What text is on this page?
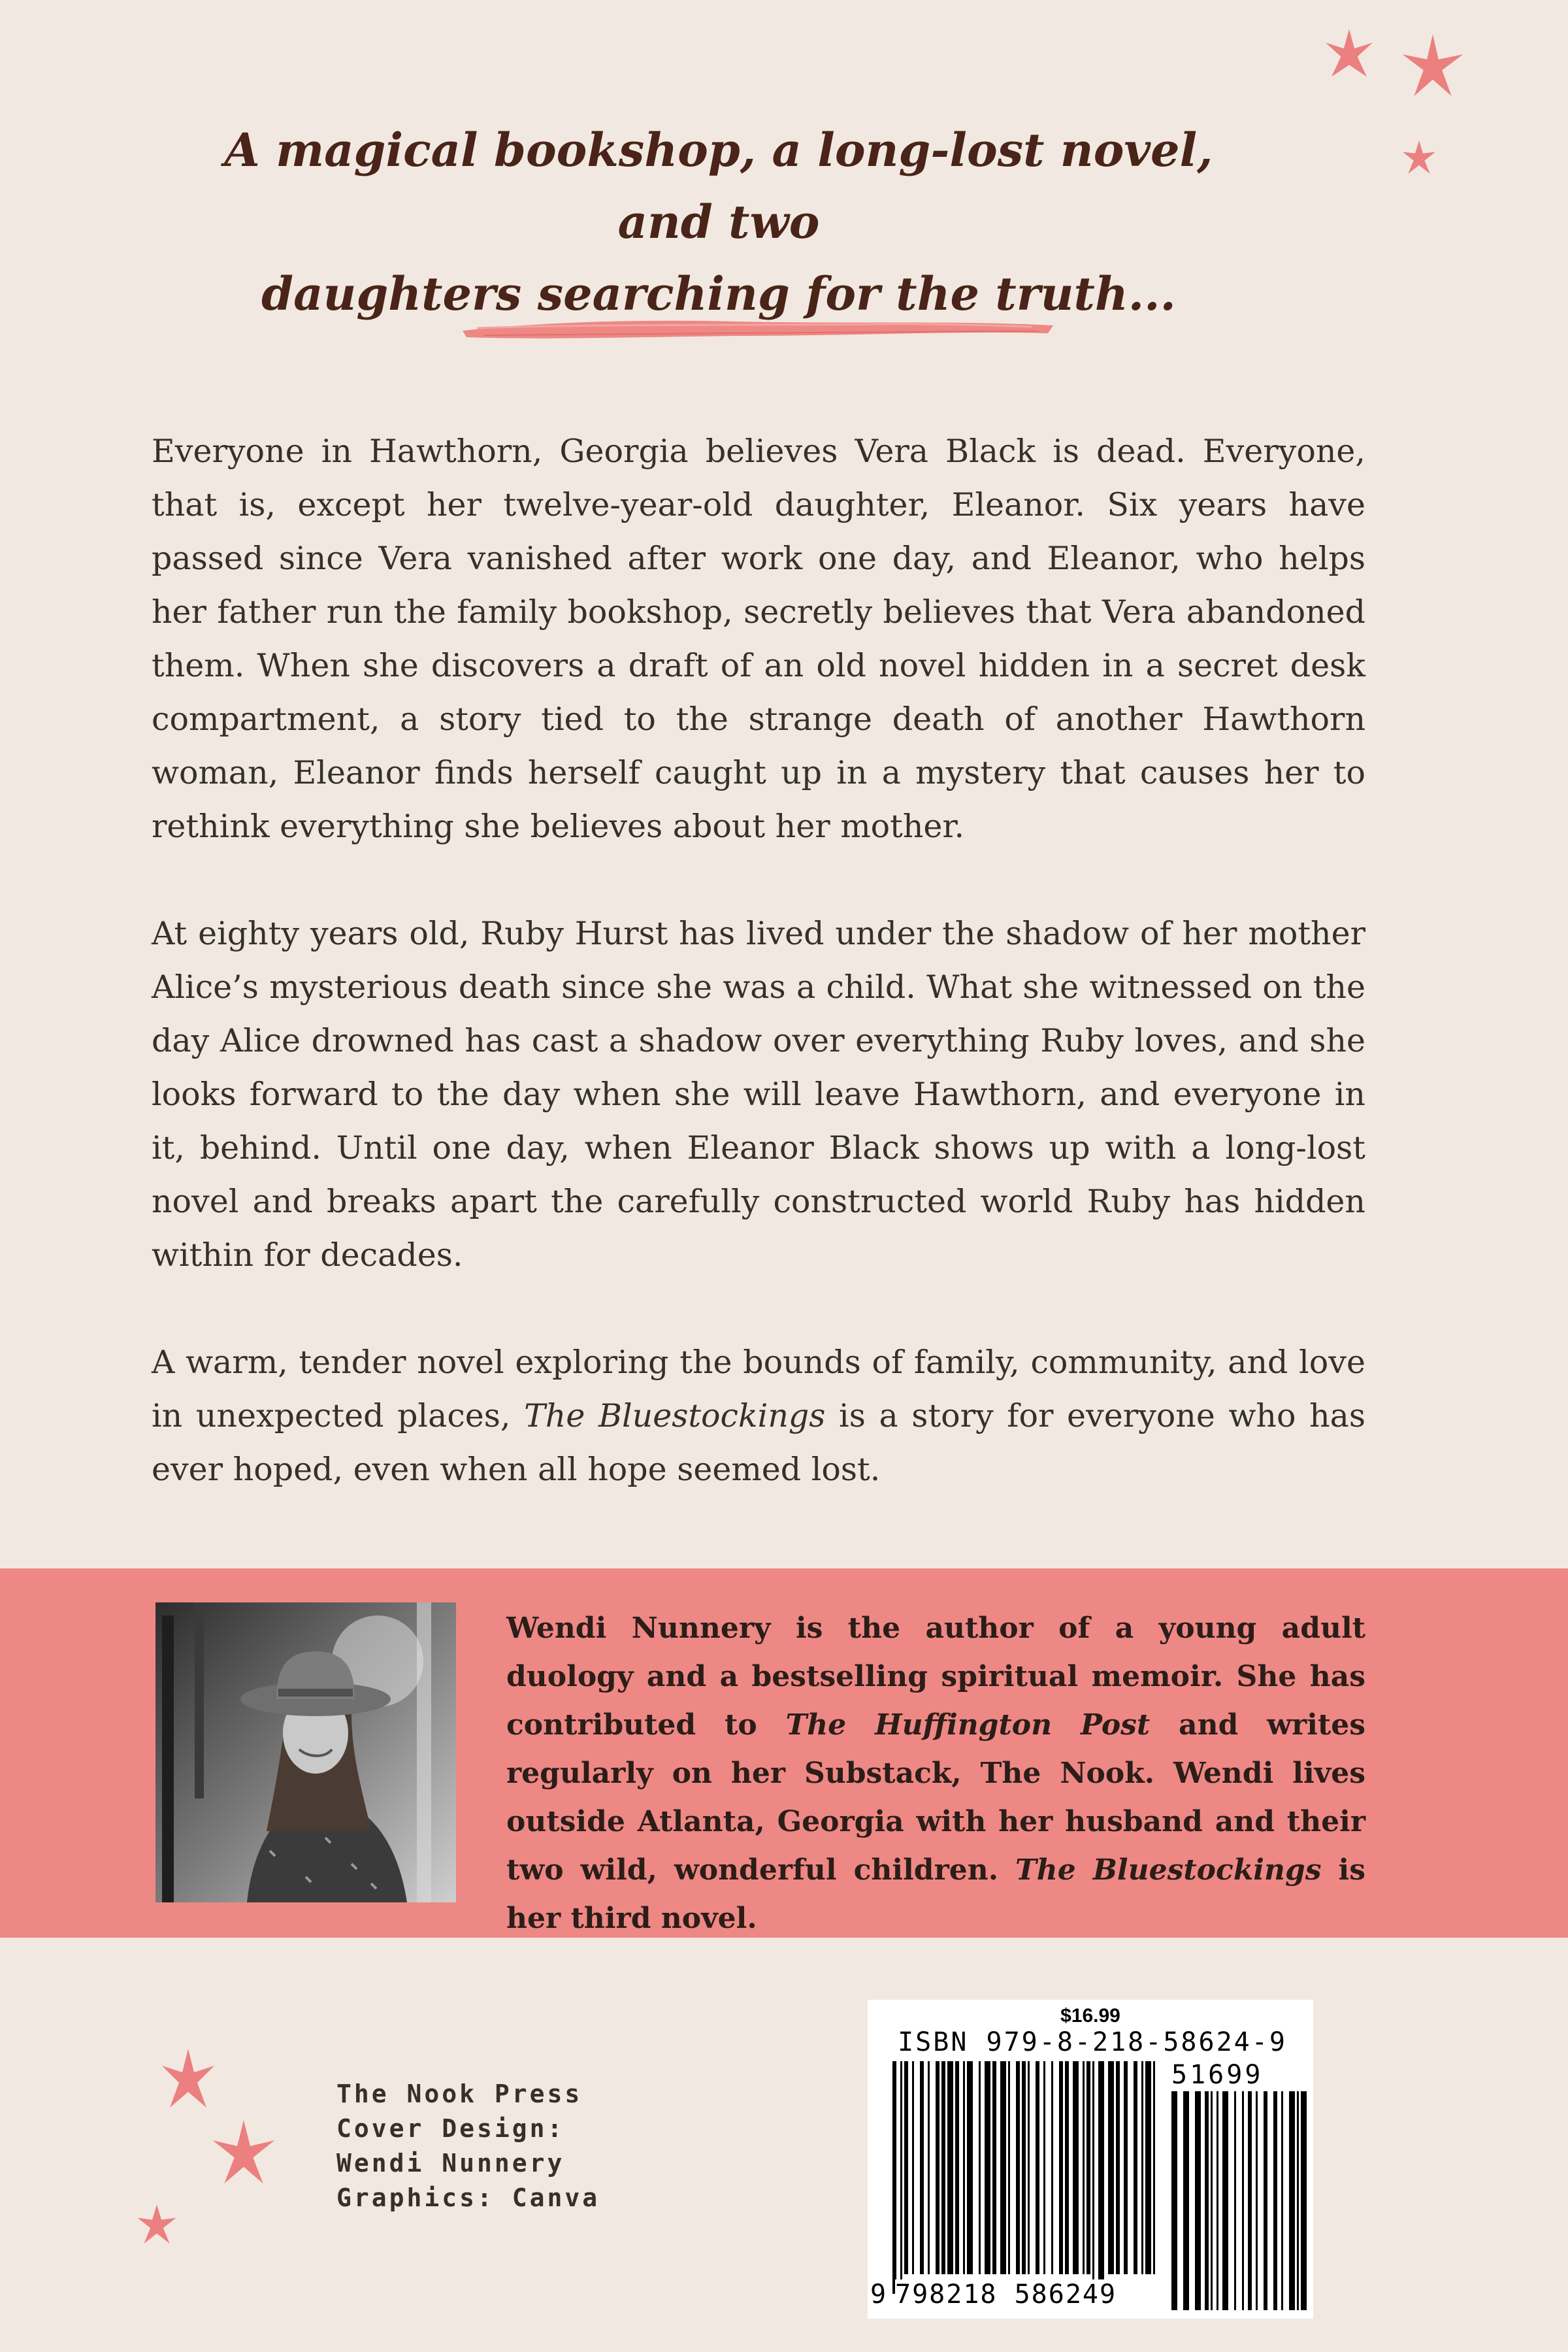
A magical bookshop, a long-lost novel, and two
daughters searching for the truth...

Everyone in Hawthorn, Georgia believes Vera Black is dead. Everyone, that is, except her twelve-year-old daughter, Eleanor. Six years have passed since Vera vanished after work one day, and Eleanor, who helps her father run the family bookshop, secretly believes that Vera abandoned them. When she discovers a draft of an old novel hidden in a secret desk compartment, a story tied to the strange death of another Hawthorn woman, Eleanor finds herself caught up in a mystery that causes her to rethink everything she believes about her mother.

At eighty years old, Ruby Hurst has lived under the shadow of her mother Alice’s mysterious death since she was a child. What she witnessed on the day Alice drowned has cast a shadow over everything Ruby loves, and she looks forward to the day when she will leave Hawthorn, and everyone in it, behind. Until one day, when Eleanor Black shows up with a long-lost novel and breaks apart the carefully constructed world Ruby has hidden within for decades.

A warm, tender novel exploring the bounds of family, community, and love in unexpected places, The Bluestockings is a story for everyone who has ever hoped, even when all hope seemed lost.

Wendi Nunnery is the author of a young adult duology and a bestselling spiritual memoir. She has contributed to The Huffington Post and writes regularly on her Substack, The Nook. Wendi lives outside Atlanta, Georgia with her husband and their two wild, wonderful children. The Bluestockings is her third novel.

The Nook Press
Cover Design:
Wendi Nunnery
Graphics: Canva
$16.99
ISBN 979-8-218-58624-9
51699
9 798218 586249
